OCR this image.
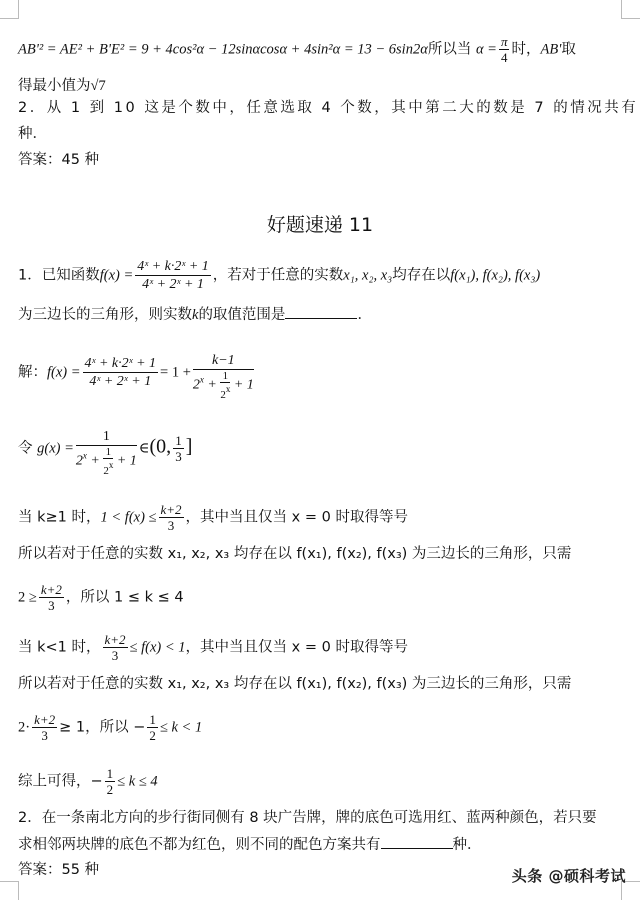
AB'² = AE² + B'E² = 9 + 4cos²α − 12sinαcosα + 4sin²α = 13 − 6sin2α所以当 $\alpha = \frac{\pi}{4}$ 时，AB'取
得最小值为√7
2．从 1 到 10 这是个数中，任意选取 4 个数，其中第二大的数是 7 的情况共有
种．
答案：45 种
好题速递 11
1．已知函数$f(x) = \frac{\text{4ˣ + k·2ˣ + 1}}{\text{4ˣ + 2ˣ + 1}}$ ，若对于任意的实数x₁, x₂, x₃均存在以f(x₁), f(x₂), f(x₃)
为三边长的三角形，则实数k的取值范围是	．
解：$f(x) = \frac{\text{4ˣ + k·2ˣ + 1}}{\text{4ˣ + 2ˣ + 1}} = 1 + \frac{k-1}{2^x + \frac{1}{2^x} + 1}$
令 $g(x) = \frac{1}{2^x + \frac{1}{2^x} + 1}$ ∈(0, $\frac{1}{3}$ ]
当 k≥1 时，$1 < f(x) \le \frac{k+2}{3}$ ，其中当且仅当 x = 0 时取得等号
所以若对于任意的实数 x₁, x₂, x₃ 均存在以 f(x₁), f(x₂), f(x₃) 为三边长的三角形，只需
$2 \ge \frac{k+2}{3}$ ，所以 1 ≤ k ≤ 4
当 k<1 时， $\frac{k+2}{3} \le f(x) < 1$，其中当且仅当 x = 0 时取得等号
所以若对于任意的实数 x₁, x₂, x₃ 均存在以 f(x₁), f(x₂), f(x₃) 为三边长的三角形，只需
$2\cdot \frac{k+2}{3} \ge 1$，所以 − $\frac{1}{2} \le k < 1$
综上可得，− $\frac{1}{2} \le k \le 4$
2．在一条南北方向的步行街同侧有 8 块广告牌，牌的底色可选用红、蓝两种颜色，若只要
求相邻两块牌的底色不都为红色，则不同的配色方案共有	种．
答案：55 种	头条 @硕科考试
